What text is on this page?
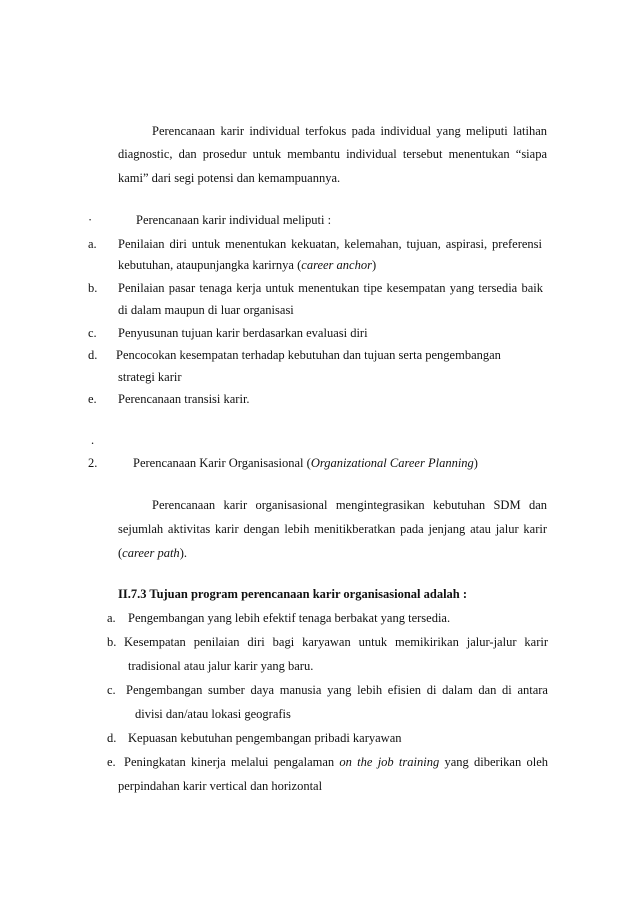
Perencanaan karir individual terfokus pada individual yang meliputi latihan
diagnostic, dan prosedur untuk membantu individual tersebut menentukan “siapa
kami” dari segi potensi dan kemampuannya.
·	Perencanaan karir individual meliputi :
a. Penilaian diri untuk menentukan kekuatan, kelemahan, tujuan, aspirasi, preferensi
kebutuhan, ataupunjangka karirnya (career anchor)
b. Penilaian pasar tenaga kerja untuk menentukan tipe kesempatan yang tersedia baik
di dalam maupun di luar organisasi
c. Penyusunan tujuan karir berdasarkan evaluasi diri
d. Pencocokan kesempatan terhadap kebutuhan dan tujuan serta pengembangan
strategi karir
e. Perencanaan transisi karir.
.
2.	Perencanaan Karir Organisasional (Organizational Career Planning)
Perencanaan karir organisasional mengintegrasikan kebutuhan SDM dan
sejumlah aktivitas karir dengan lebih menitikberatkan pada jenjang atau jalur karir
(career path).
II.7.3 Tujuan program perencanaan karir organisasional adalah :
a. Pengembangan yang lebih efektif tenaga berbakat yang tersedia.
b. Kesempatan penilaian diri bagi karyawan untuk memikirikan jalur-jalur karir
tradisional atau jalur karir yang baru.
c. Pengembangan sumber daya manusia yang lebih efisien di dalam dan di antara
divisi dan/atau lokasi geografis
d. Kepuasan kebutuhan pengembangan pribadi karyawan
e. Peningkatan kinerja melalui pengalaman on the job training yang diberikan oleh
perpindahan karir vertical dan horizontal
